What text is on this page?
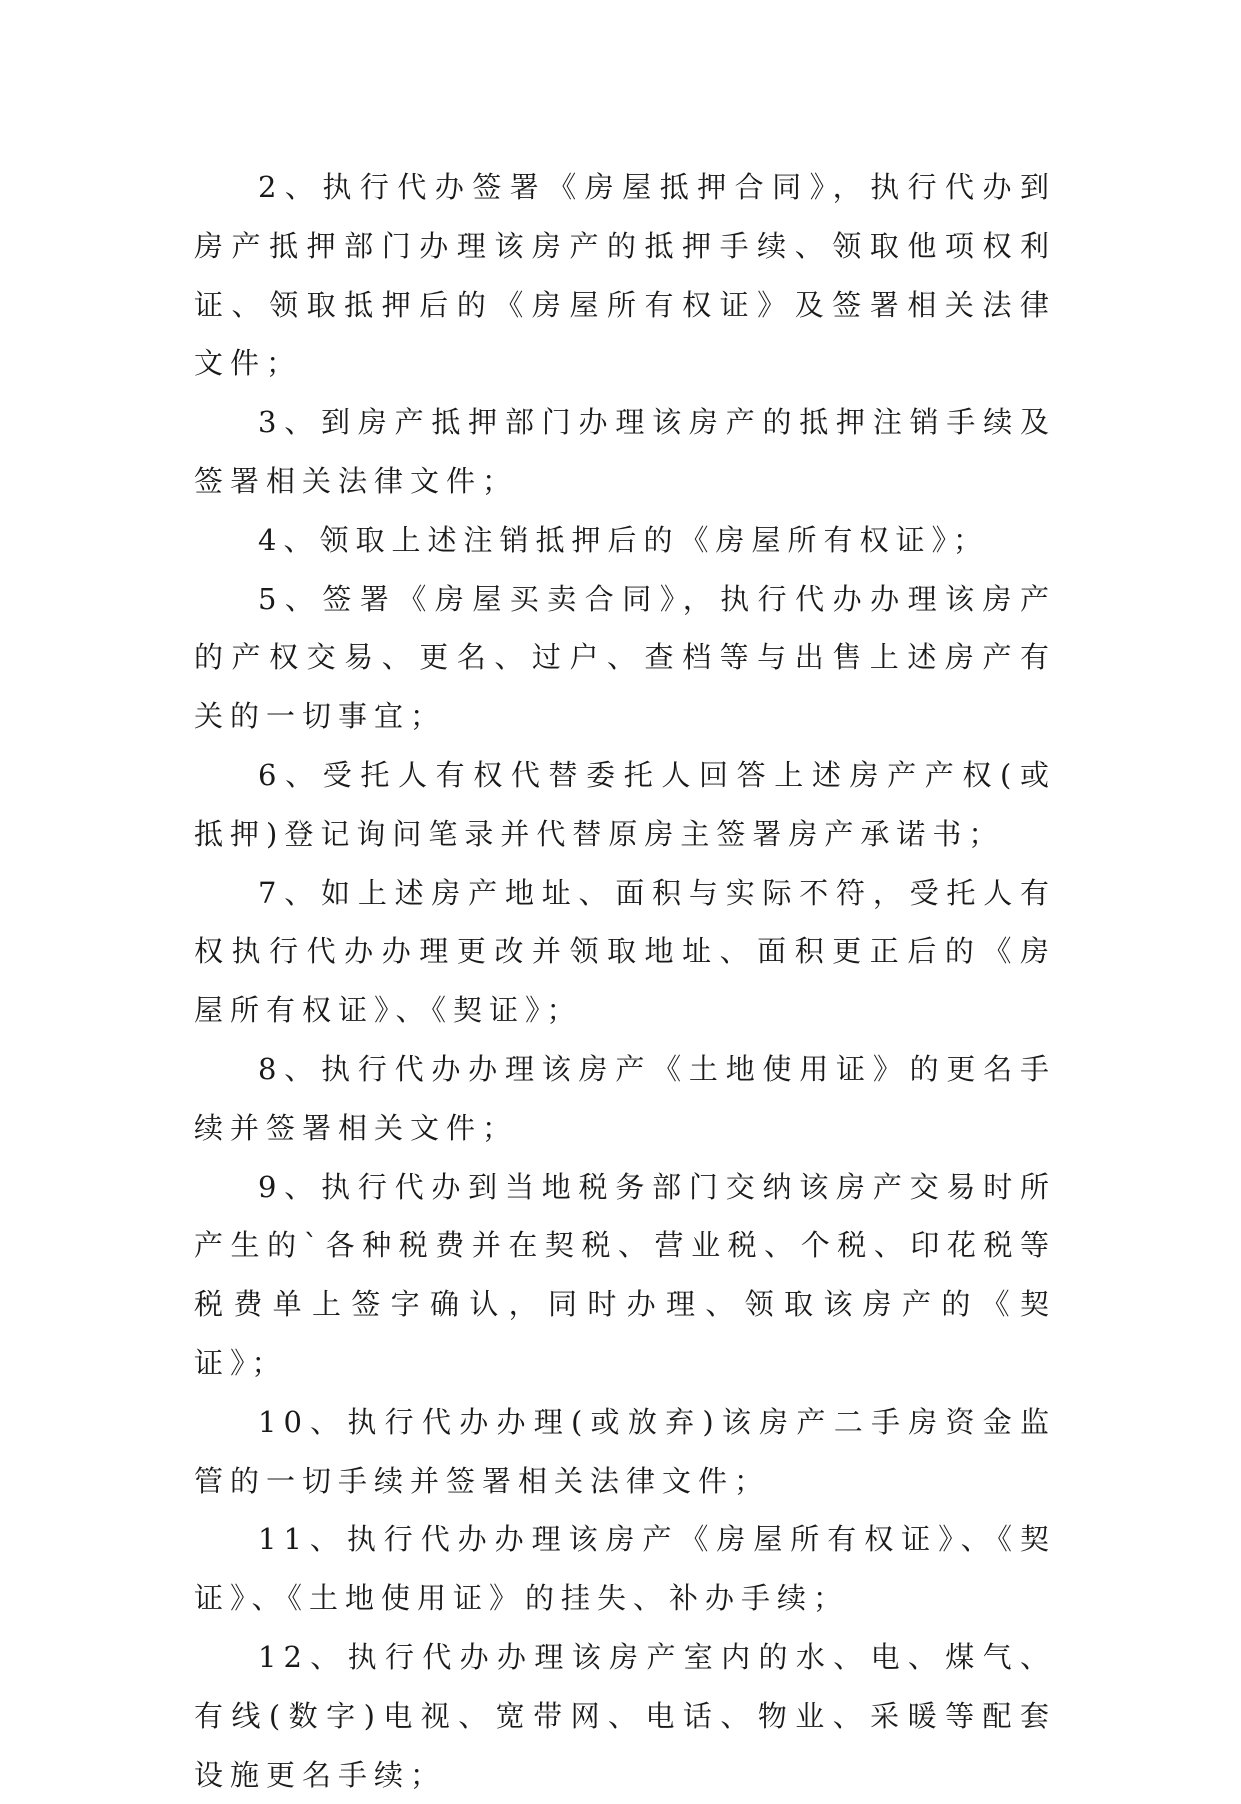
2、执行代办签署《房屋抵押合同》，执行代办到房产抵押部门办理该房产的抵押手续、领取他项权利证、领取抵押后的《房屋所有权证》及签署相关法律文件；

3、到房产抵押部门办理该房产的抵押注销手续及签署相关法律文件；

4、领取上述注销抵押后的《房屋所有权证》；

5、签署《房屋买卖合同》，执行代办办理该房产的产权交易、更名、过户、查档等与出售上述房产有关的一切事宜；

6、受托人有权代替委托人回答上述房产产权(或抵押)登记询问笔录并代替原房主签署房产承诺书；

7、如上述房产地址、面积与实际不符，受托人有权执行代办办理更改并领取地址、面积更正后的《房屋所有权证》、《契证》；

8、执行代办办理该房产《土地使用证》的更名手续并签署相关文件；

9、执行代办到当地税务部门交纳该房产交易时所产生的`各种税费并在契税、营业税、个税、印花税等税费单上签字确认，同时办理、领取该房产的《契证》；

10、执行代办办理(或放弃)该房产二手房资金监管的一切手续并签署相关法律文件；

11、执行代办办理该房产《房屋所有权证》、《契证》、《土地使用证》的挂失、补办手续；

12、执行代办办理该房产室内的水、电、煤气、有线(数字)电视、宽带网、电话、物业、采暖等配套设施更名手续；
